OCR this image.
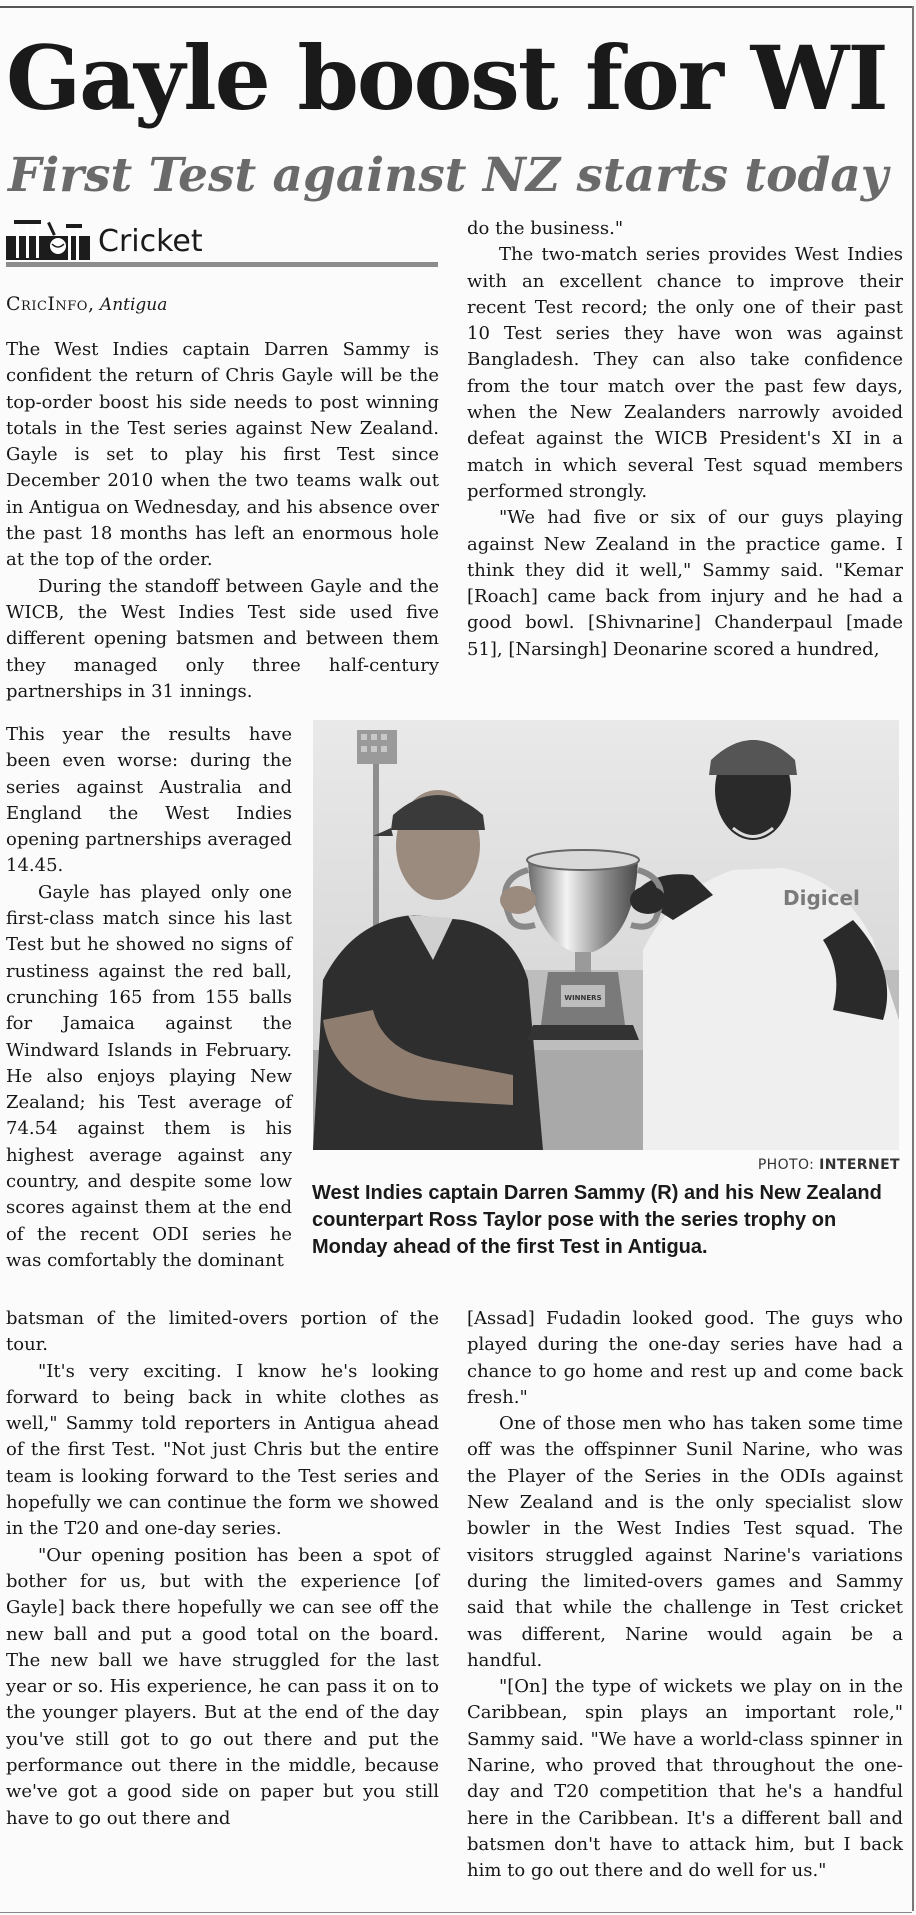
Gayle boost for WI
First Test against NZ starts today
Cricket
CricInfo, Antigua

The West Indies captain Darren Sammy is confident the return of Chris Gayle will be the top-order boost his side needs to post winning totals in the Test series against New Zealand. Gayle is set to play his first Test since December 2010 when the two teams walk out in Antigua on Wednesday, and his absence over the past 18 months has left an enormous hole at the top of the order.

During the standoff between Gayle and the WICB, the West Indies Test side used five different opening batsmen and between them they managed only three half-century partnerships in 31 innings.

This year the results have been even worse: during the series against Australia and England the West Indies opening partnerships averaged 14.45.

Gayle has played only one first-class match since his last Test but he showed no signs of rustiness against the red ball, crunching 165 from 155 balls for Jamaica against the Windward Islands in February. He also enjoys playing New Zealand; his Test average of 74.54 against them is his highest average against any country, and despite some low scores against them at the end of the recent ODI series he was comfortably the dominant

batsman of the limited-overs portion of the tour.

"It's very exciting. I know he's looking forward to being back in white clothes as well," Sammy told reporters in Antigua ahead of the first Test. "Not just Chris but the entire team is looking forward to the Test series and hopefully we can continue the form we showed in the T20 and one-day series.

"Our opening position has been a spot of bother for us, but with the experience [of Gayle] back there hopefully we can see off the new ball and put a good total on the board. The new ball we have struggled for the last year or so. His experience, he can pass it on to the younger players. But at the end of the day you've still got to go out there and put the performance out there in the middle, because we've got a good side on paper but you still have to go out there and

do the business."

The two-match series provides West Indies with an excellent chance to improve their recent Test record; the only one of their past 10 Test series they have won was against Bangladesh. They can also take confidence from the tour match over the past few days, when the New Zealanders narrowly avoided defeat against the WICB President's XI in a match in which several Test squad members performed strongly.

"We had five or six of our guys playing against New Zealand in the practice game. I think they did it well," Sammy said. "Kemar [Roach] came back from injury and he had a good bowl. [Shivnarine] Chanderpaul [made 51], [Narsingh] Deonarine scored a hundred,

Digicel
WINNERS
PHOTO: INTERNET
West Indies captain Darren Sammy (R) and his New Zealand counterpart Ross Taylor pose with the series trophy on Monday ahead of the first Test in Antigua.

[Assad] Fudadin looked good. The guys who played during the one-day series have had a chance to go home and rest up and come back fresh."

One of those men who has taken some time off was the offspinner Sunil Narine, who was the Player of the Series in the ODIs against New Zealand and is the only specialist slow bowler in the West Indies Test squad. The visitors struggled against Narine's variations during the limited-overs games and Sammy said that while the challenge in Test cricket was different, Narine would again be a handful.

"[On] the type of wickets we play on in the Caribbean, spin plays an important role," Sammy said. "We have a world-class spinner in Narine, who proved that throughout the one-day and T20 competition that he's a handful here in the Caribbean. It's a different ball and batsmen don't have to attack him, but I back him to go out there and do well for us."
